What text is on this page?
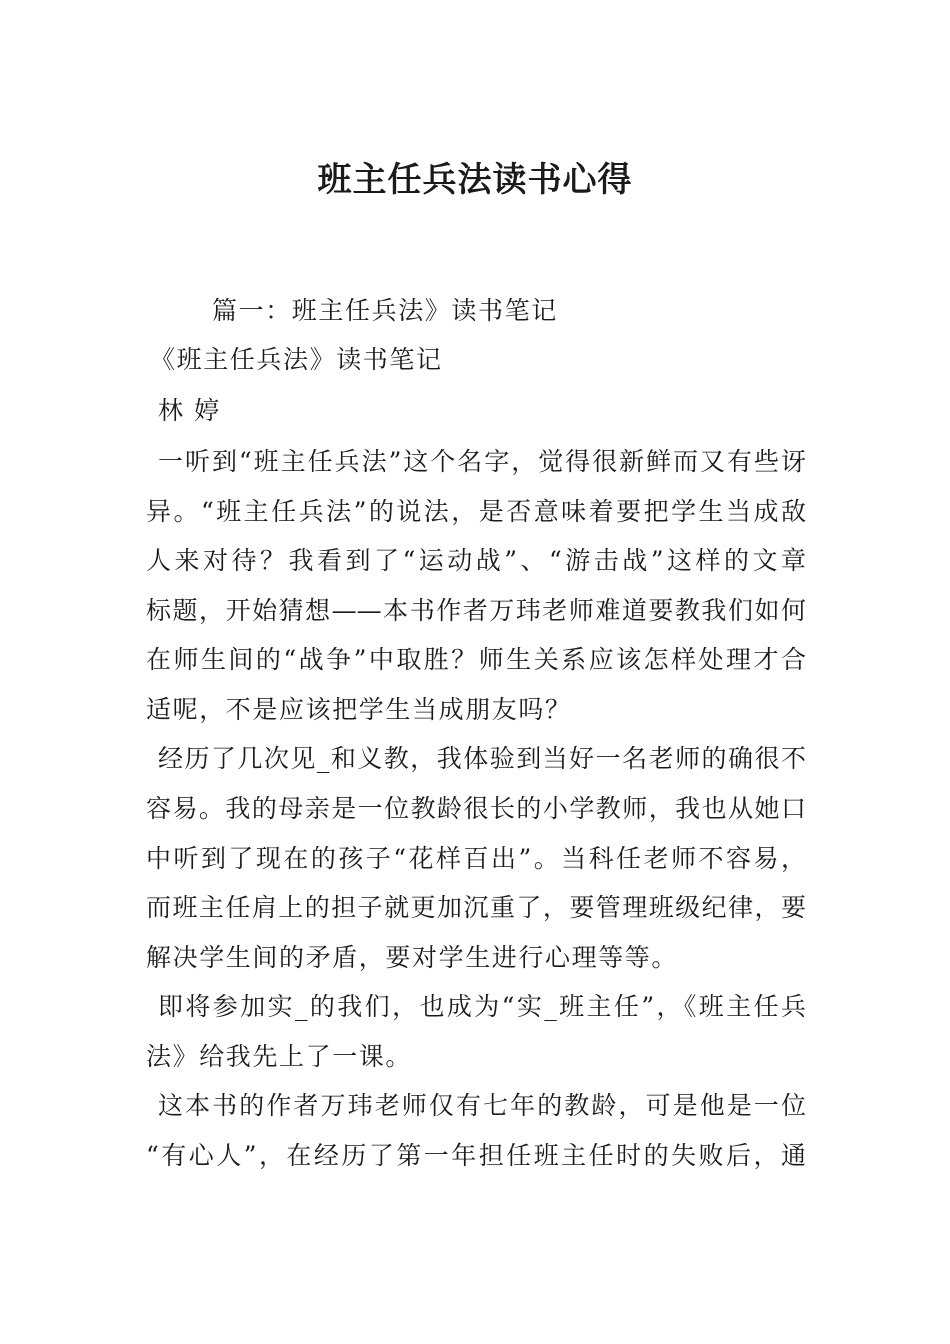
班主任兵法读书心得
篇一：班主任兵法》读书笔记
《班主任兵法》读书笔记
林 婷
一听到“班主任兵法”这个名字，觉得很新鲜而又有些讶
异。“班主任兵法”的说法，是否意味着要把学生当成敌
人来对待？我看到了“运动战”、“游击战”这样的文章
标题，开始猜想——本书作者万玮老师难道要教我们如何
在师生间的“战争”中取胜？师生关系应该怎样处理才合
适呢，不是应该把学生当成朋友吗？
经历了几次见_和义教，我体验到当好一名老师的确很不
容易。我的母亲是一位教龄很长的小学教师，我也从她口
中听到了现在的孩子“花样百出”。当科任老师不容易，
而班主任肩上的担子就更加沉重了，要管理班级纪律，要
解决学生间的矛盾，要对学生进行心理等等。
即将参加实_的我们，也成为“实_班主任”，《班主任兵
法》给我先上了一课。
这本书的作者万玮老师仅有七年的教龄，可是他是一位
“有心人”，在经历了第一年担任班主任时的失败后，通
